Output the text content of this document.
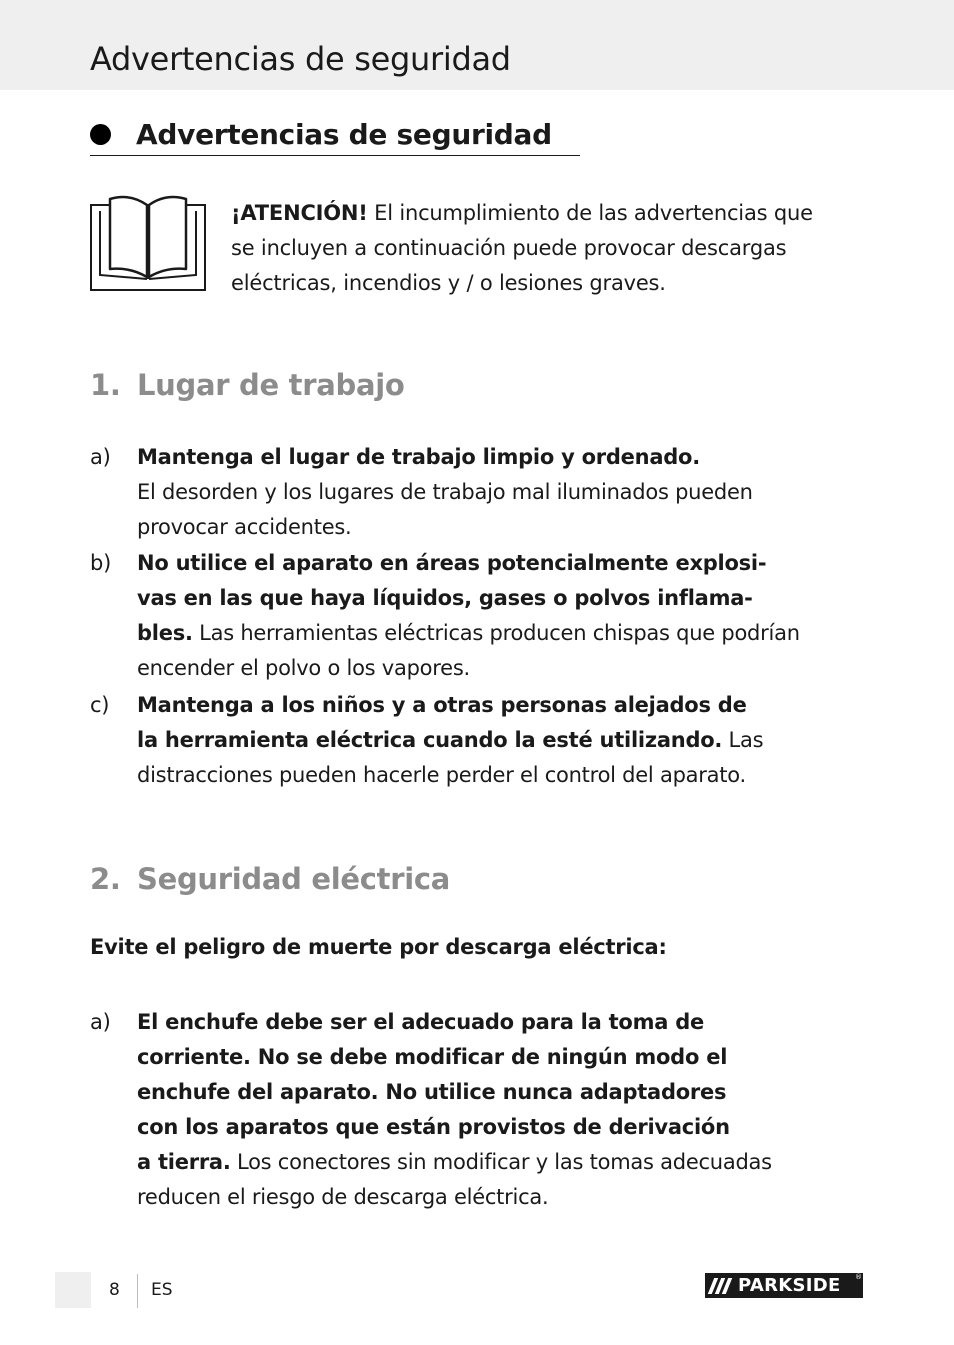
Advertencias de seguridad
Advertencias de seguridad
¡ATENCIÓN! El incumplimiento de las advertencias que
se incluyen a continuación puede provocar descargas
eléctricas, incendios y / o lesiones graves.
1. Lugar de trabajo
a) Mantenga el lugar de trabajo limpio y ordenado.
El desorden y los lugares de trabajo mal iluminados pueden
provocar accidentes.
b) No utilice el aparato en áreas potencialmente explosi-
vas en las que haya líquidos, gases o polvos inflama-
bles. Las herramientas eléctricas producen chispas que podrían
encender el polvo o los vapores.
c) Mantenga a los niños y a otras personas alejados de
la herramienta eléctrica cuando la esté utilizando. Las
distracciones pueden hacerle perder el control del aparato.
2. Seguridad eléctrica
Evite el peligro de muerte por descarga eléctrica:
a) El enchufe debe ser el adecuado para la toma de
corriente. No se debe modificar de ningún modo el
enchufe del aparato. No utilice nunca adaptadores
con los aparatos que están provistos de derivación
a tierra. Los conectores sin modificar y las tomas adecuadas
reducen el riesgo de descarga eléctrica.
8 ES	PARKSIDE ®
